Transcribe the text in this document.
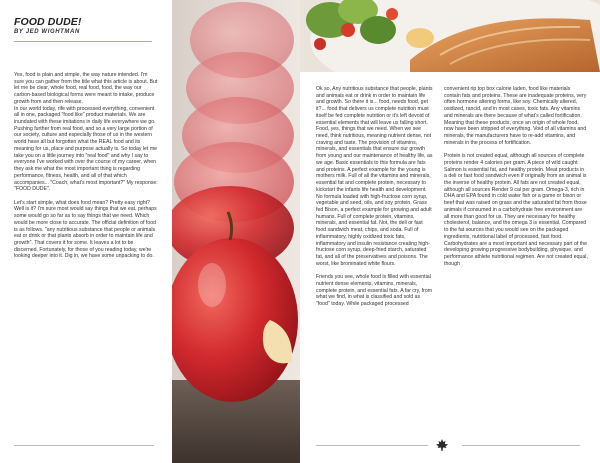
FOOD DUDE!
BY JED WIGHTMAN

Yes, food is plain and simple, the way nature intended. I'm sure you can gather from the title what this article is about. But let me be clear, whole food, real food, food, the way our carbon-based biological forms were meant to intake, produce growth from and then release.
In our world today, rife with processed everything, convenient all in one, packaged "food like" product materials. We are inundated with these imitations in daily life everywhere we go. Pushing further from real food, and so a very large portion of our society, culture and especially those of us in the western world have all but forgotten what the REAL food and its meaning for us, place and purpose actually is. So today let me take you on a little journey into "real food" and why I say to everyone I've worked with over the course of my career, when they ask me what the most important thing is regarding performance, fitness, health, and all of that which accompanies... "Coach, what's most important?" My response: "FOOD DUDE".

Let's start simple, what does food mean? Pretty easy right? Well is it? I'm sure most would say things that we eat, perhaps some would go so far as to say things that we need. Which would be more close to accurate. The official definition of food is as follows. "any nutritious substance that people or animals eat or drink or that plants absorb in order to maintain life and growth". That covers it for some. It leaves a lot to be discerned. Fortunately, for those of you reading today, we're looking deeper into it. Dig in, we have some unpacking to do.

Ok so, Any nutritious substance that people, plants and animals eat or drink in order to maintain life and growth. So there it is... food, needs food, get it?... food that delivers us complete nutrition must itself be fed complete nutrition or it's left devoid of essential elements that will leave us falling short. Food, yes, things that we need. When we see need, think nutritious, meaning nutrient dense, not craving and taste. The provision of vitamins, minerals, and essentials that ensure our growth from young and our maintenance of healthy life, as we age. Basic essentials to this formula are fats and proteins. A perfect example for the young is mothers milk. Full of all the vitamins and minerals, essential fat and complete protein, necessary to kickstart the infants life health and development. No formula loaded with high-fructose corn syrup, vegetable and seed, oils, and soy protein. Grass fed Bison, a perfect example for growing and adult humans. Full of complete protein, vitamins, minerals, and essential fat. Not, the deli or fast food sandwich meat, chips, and soda. Full of inflammatory, highly oxidized toxic fats, inflammatory and insulin resistance creating high-fructose corn syrup, deep-fried starch, saturated fat, and all of the preservatives and poisons. The worst, like brominated white flours.

Friends you see, whole food is filled with essential nutrient dense elements, vitamins, minerals, complete protein, and essential fats. A far cry, from what we find, in what is classified and sold as "food" today. While packaged processed

convenient rip top box calorie laden, food like materials contain fats and proteins. These are inadequate proteins, very often hormone altering forms, like soy. Chemically altered, oxidized, rancid, and in most cases, toxic fats. Any vitamins and minerals are there because of what's called fortification. Meaning that these products, once an origin of whole food, now have been stripped of everything. Void of all vitamins and minerals, the manufacturers have to re-add vitamins, and minerals in the process of fortification.

Protein is not created equal, although all sources of complete proteins render 4 calories per gram. A piece of wild caught Salmon is essential fat, and healthy protein. Meat products in a deli or fast food sandwich even if originally from an animal is the inverse of healthy protein. All fats are not created equal, although all sources Render 9 cal per gram. Omega-3, rich in DHA and EPA found in cold water fish or a game or bison or beef that was raised on grass and the saturated fat from those animals if consumed in a carbohydrate free environment are all more than good for us. They are necessary for healthy cholesterol, balance, and the omega 3 is essential. Compared to the fat sources that you would see on the packaged ingredients, nutritional label of processed, fast food. Carbohydrates are a most important and necessary part of the developing growing progressive bodybuilding, physique, and performance athlete nutritional regimen. Are not created equal, though
